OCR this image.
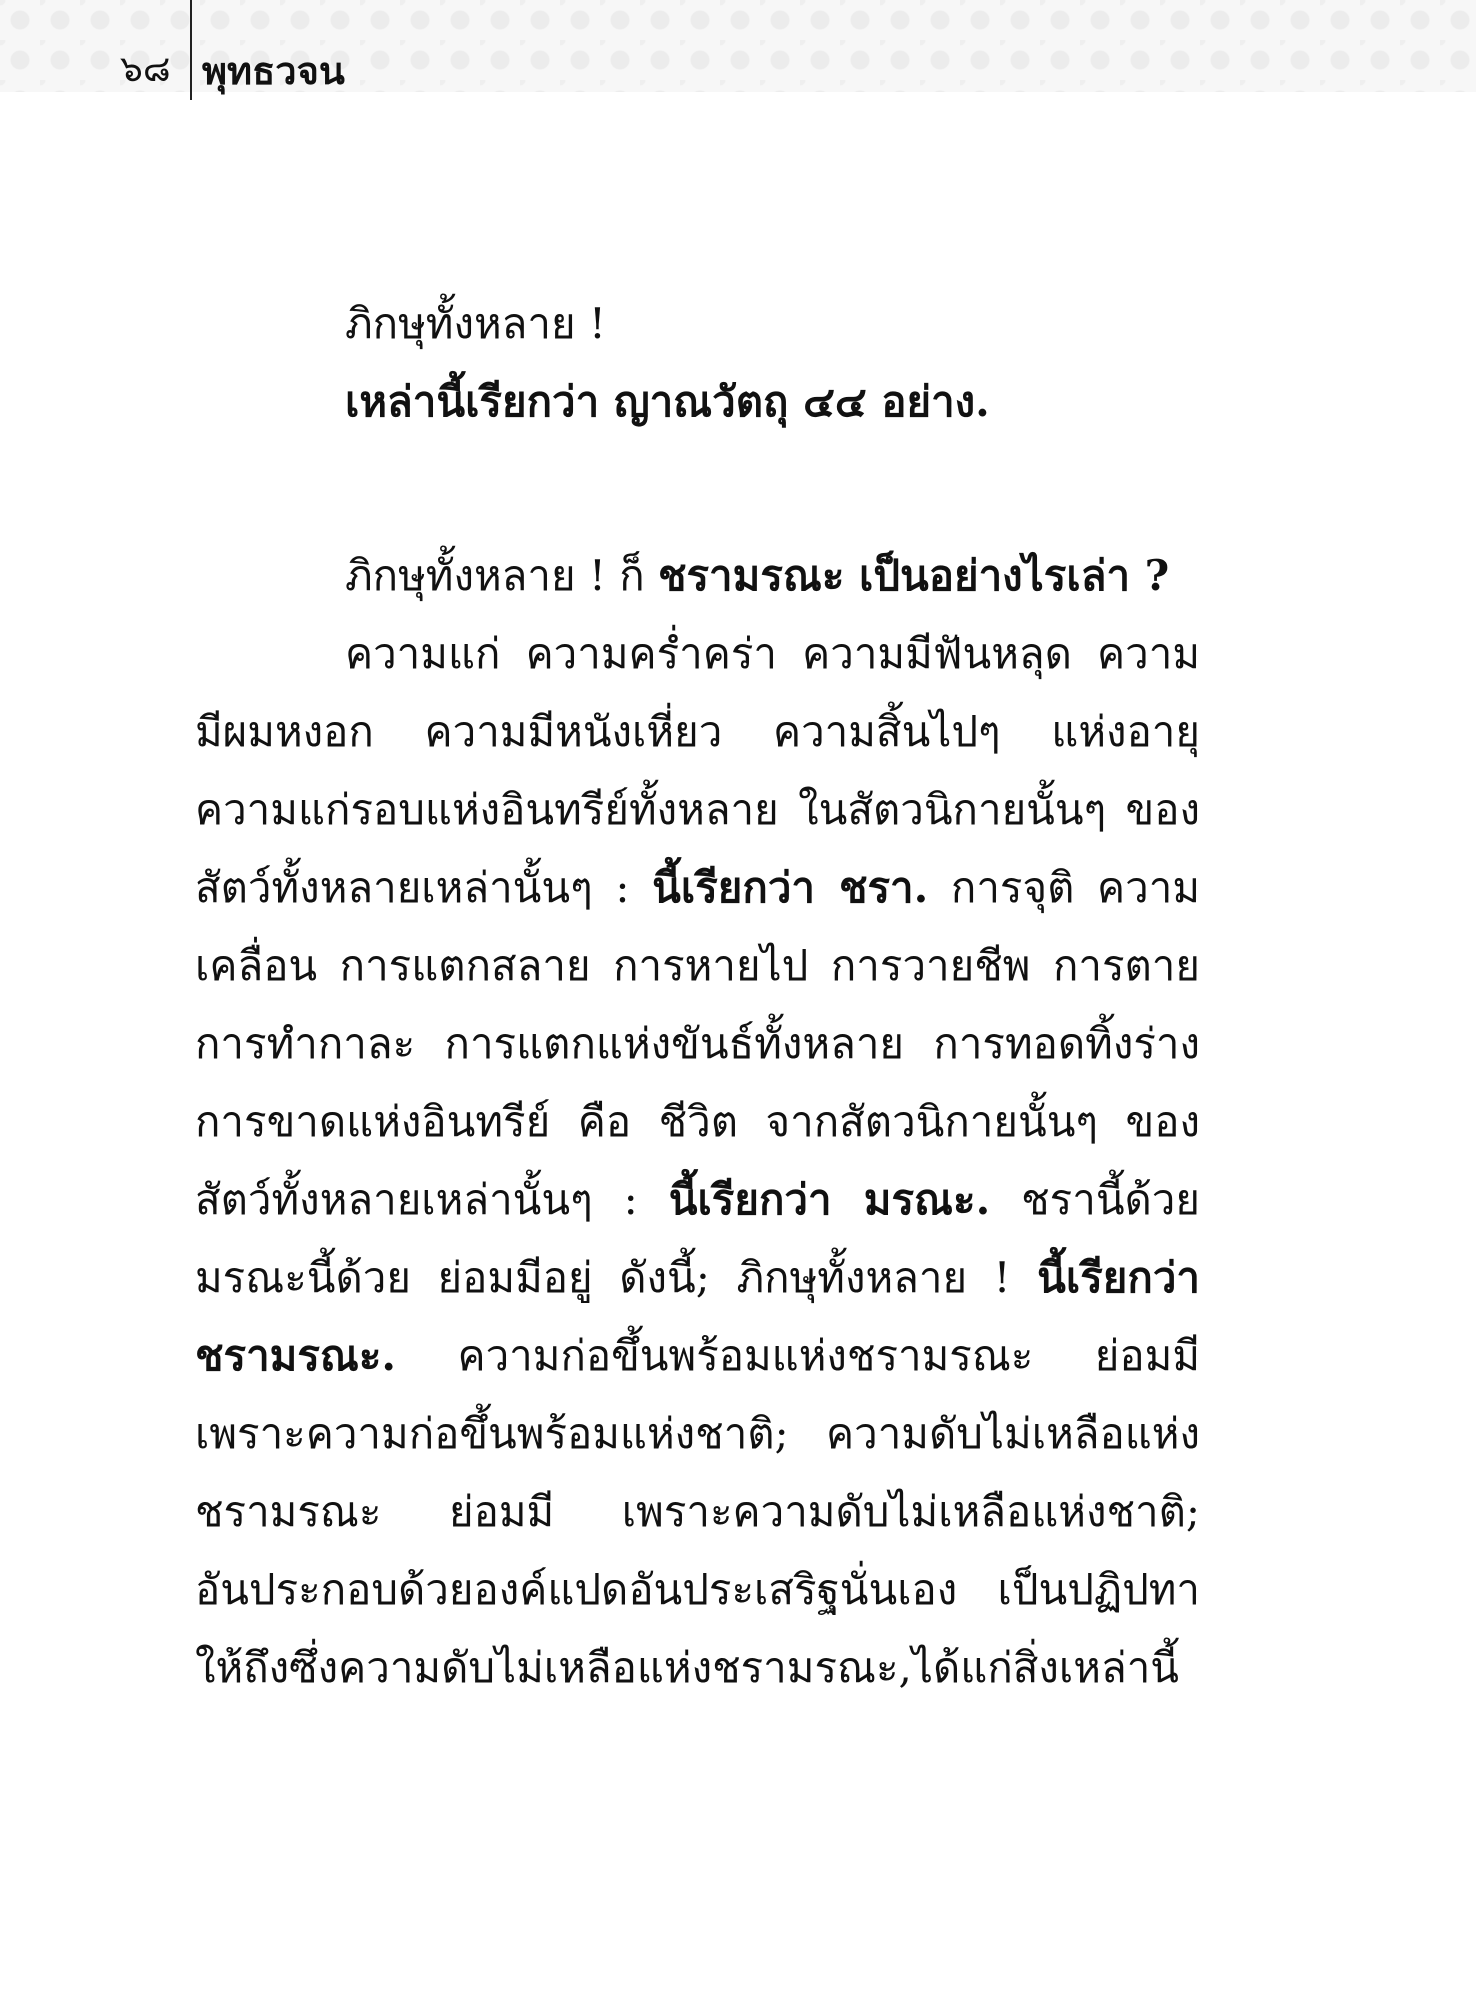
๖๘ พุทธวจน
ภิกษุทั้งหลาย !
เหล่านี้เรียกว่า ญาณวัตถุ ๔๔ อย่าง.
ภิกษุทั้งหลาย ! ก็ ชรามรณะ เป็นอย่างไรเล่า ?
ความแก่ ความคร่ำคร่า ความมีฟันหลุด ความ
มีผมหงอก ความมีหนังเหี่ยว ความสิ้นไปๆ แห่งอายุ
ความแก่รอบแห่งอินทรีย์ทั้งหลาย ในสัตวนิกายนั้นๆ ของ
สัตว์ทั้งหลายเหล่านั้นๆ : นี้เรียกว่า ชรา. การจุติ ความ
เคลื่อน การแตกสลาย การหายไป การวายชีพ การตาย
การทำกาละ การแตกแห่งขันธ์ทั้งหลาย การทอดทิ้งร่าง
การขาดแห่งอินทรีย์ คือ ชีวิต จากสัตวนิกายนั้นๆ ของ
สัตว์ทั้งหลายเหล่านั้นๆ : นี้เรียกว่า มรณะ. ชรานี้ด้วย
มรณะนี้ด้วย ย่อมมีอยู่ ดังนี้; ภิกษุทั้งหลาย ! นี้เรียกว่า
ชรามรณะ. ความก่อขึ้นพร้อมแห่งชรามรณะ ย่อมมี
เพราะความก่อขึ้นพร้อมแห่งชาติ; ความดับไม่เหลือแห่ง
ชรามรณะ ย่อมมี เพราะความดับไม่เหลือแห่งชาติ;
อันประกอบด้วยองค์แปดอันประเสริฐนั่นเอง เป็นปฏิปทา
ให้ถึงซึ่งความดับไม่เหลือแห่งชรามรณะ,ได้แก่สิ่งเหล่านี้
